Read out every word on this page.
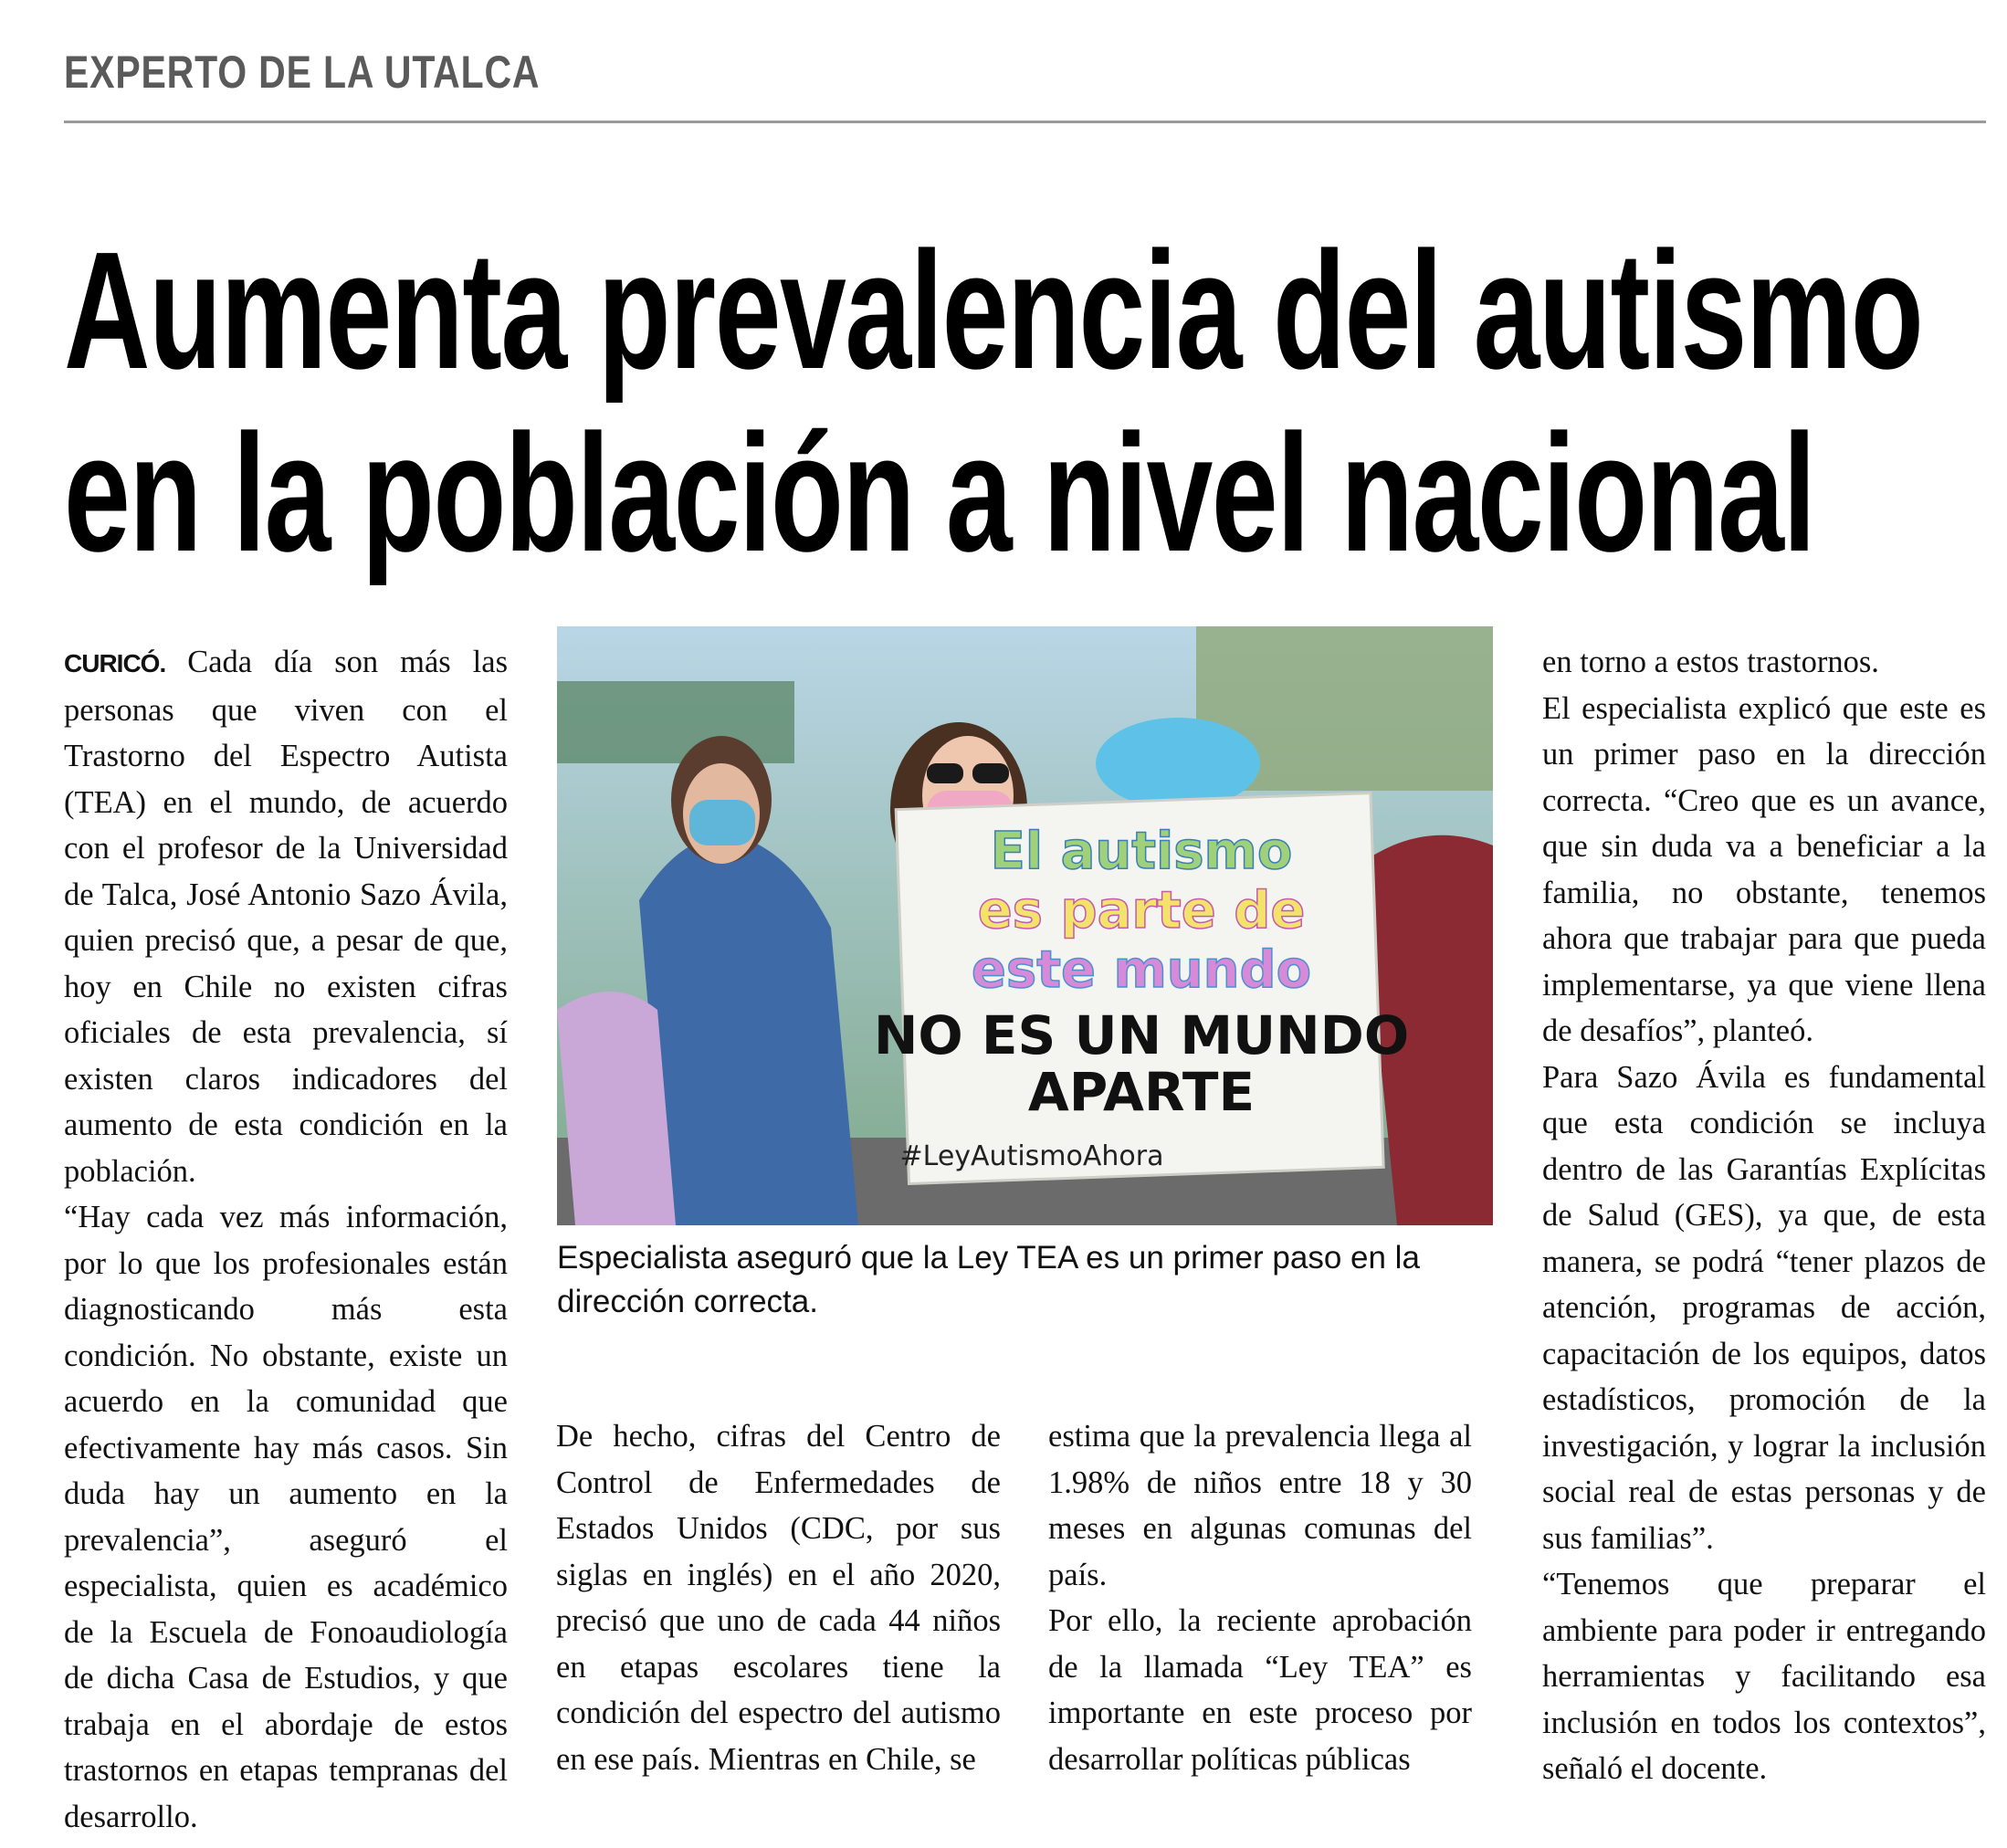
EXPERTO DE LA UTALCA
Aumenta prevalencia del autismo
en la población a nivel nacional

CURICÓ. Cada día son más las personas que viven con el Trastorno del Espectro Autista (TEA) en el mundo, de acuerdo con el profesor de la Universidad de Talca, José Antonio Sazo Ávila, quien precisó que, a pesar de que, hoy en Chile no existen cifras oficiales de esta prevalencia, sí existen claros indicadores del aumento de esta condición en la población.

“Hay cada vez más información, por lo que los profesionales están diagnosticando más esta condición. No obstante, existe un acuerdo en la comunidad que efectivamente hay más casos. Sin duda hay un aumento en la prevalencia”, aseguró el especialista, quien es académico de la Escuela de Fonoaudiología de dicha Casa de Estudios, y que trabaja en el abordaje de estos trastornos en etapas tempranas del desarrollo.

El autismo
es parte de
este mundo
NO ES UN MUNDO
APARTE
#LeyAutismoAhora
Especialista aseguró que la Ley TEA es un primer paso en la dirección correcta.

De hecho, cifras del Centro de Control de Enfermedades de Estados Unidos (CDC, por sus siglas en inglés) en el año 2020, precisó que uno de cada 44 niños en etapas escolares tiene la condición del espectro del autismo en ese país. Mientras en Chile, se

estima que la prevalencia llega al 1.98% de niños entre 18 y 30 meses en algunas comunas del país.

Por ello, la reciente aprobación de la llamada “Ley TEA” es importante en este proceso por desarrollar políticas públicas

en torno a estos trastornos.

El especialista explicó que este es un primer paso en la dirección correcta. “Creo que es un avance, que sin duda va a beneficiar a la familia, no obstante, tenemos ahora que trabajar para que pueda implementarse, ya que viene llena de desafíos”, planteó.

Para Sazo Ávila es fundamental que esta condición se incluya dentro de las Garantías Explícitas de Salud (GES), ya que, de esta manera, se podrá “tener plazos de atención, programas de acción, capacitación de los equipos, datos estadísticos, promoción de la investigación, y lograr la inclusión social real de estas personas y de sus familias”.

“Tenemos que preparar el ambiente para poder ir entregando herramientas y facilitando esa inclusión en todos los contextos”, señaló el docente.
